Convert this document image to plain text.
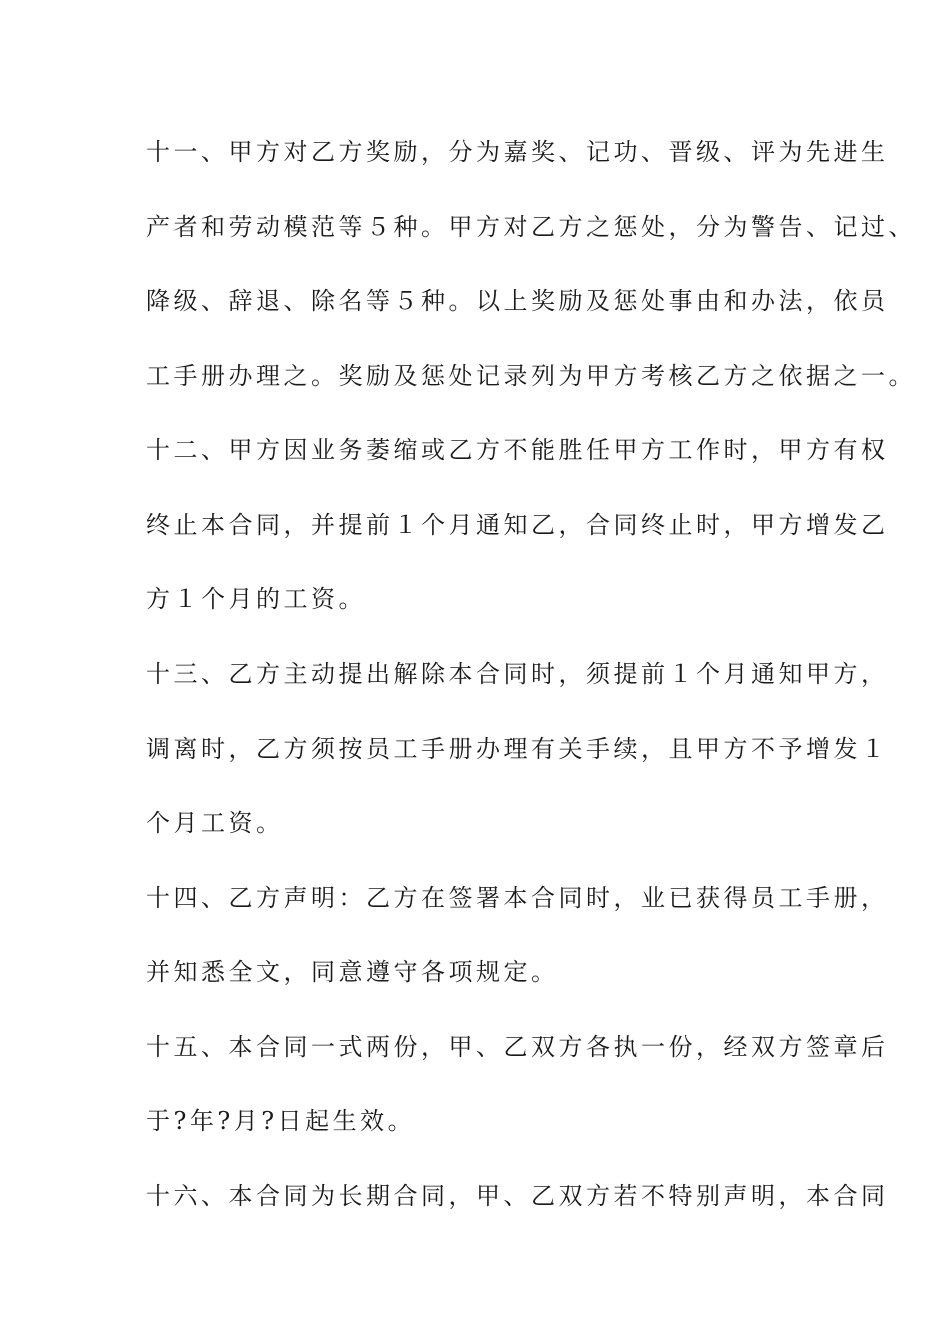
十一、甲方对乙方奖励，分为嘉奖、记功、晋级、评为先进生
产者和劳动模范等５种。甲方对乙方之惩处，分为警告、记过、
降级、辞退、除名等５种。以上奖励及惩处事由和办法，依员
工手册办理之。奖励及惩处记录列为甲方考核乙方之依据之一。
十二、甲方因业务萎缩或乙方不能胜任甲方工作时，甲方有权
终止本合同，并提前１个月通知乙，合同终止时，甲方增发乙
方１个月的工资。
十三、乙方主动提出解除本合同时，须提前１个月通知甲方，
调离时，乙方须按员工手册办理有关手续，且甲方不予增发１
个月工资。
十四、乙方声明：乙方在签署本合同时，业已获得员工手册，
并知悉全文，同意遵守各项规定。
十五、本合同一式两份，甲、乙双方各执一份，经双方签章后
于?年?月?日起生效。
十六、本合同为长期合同，甲、乙双方若不特别声明，本合同
